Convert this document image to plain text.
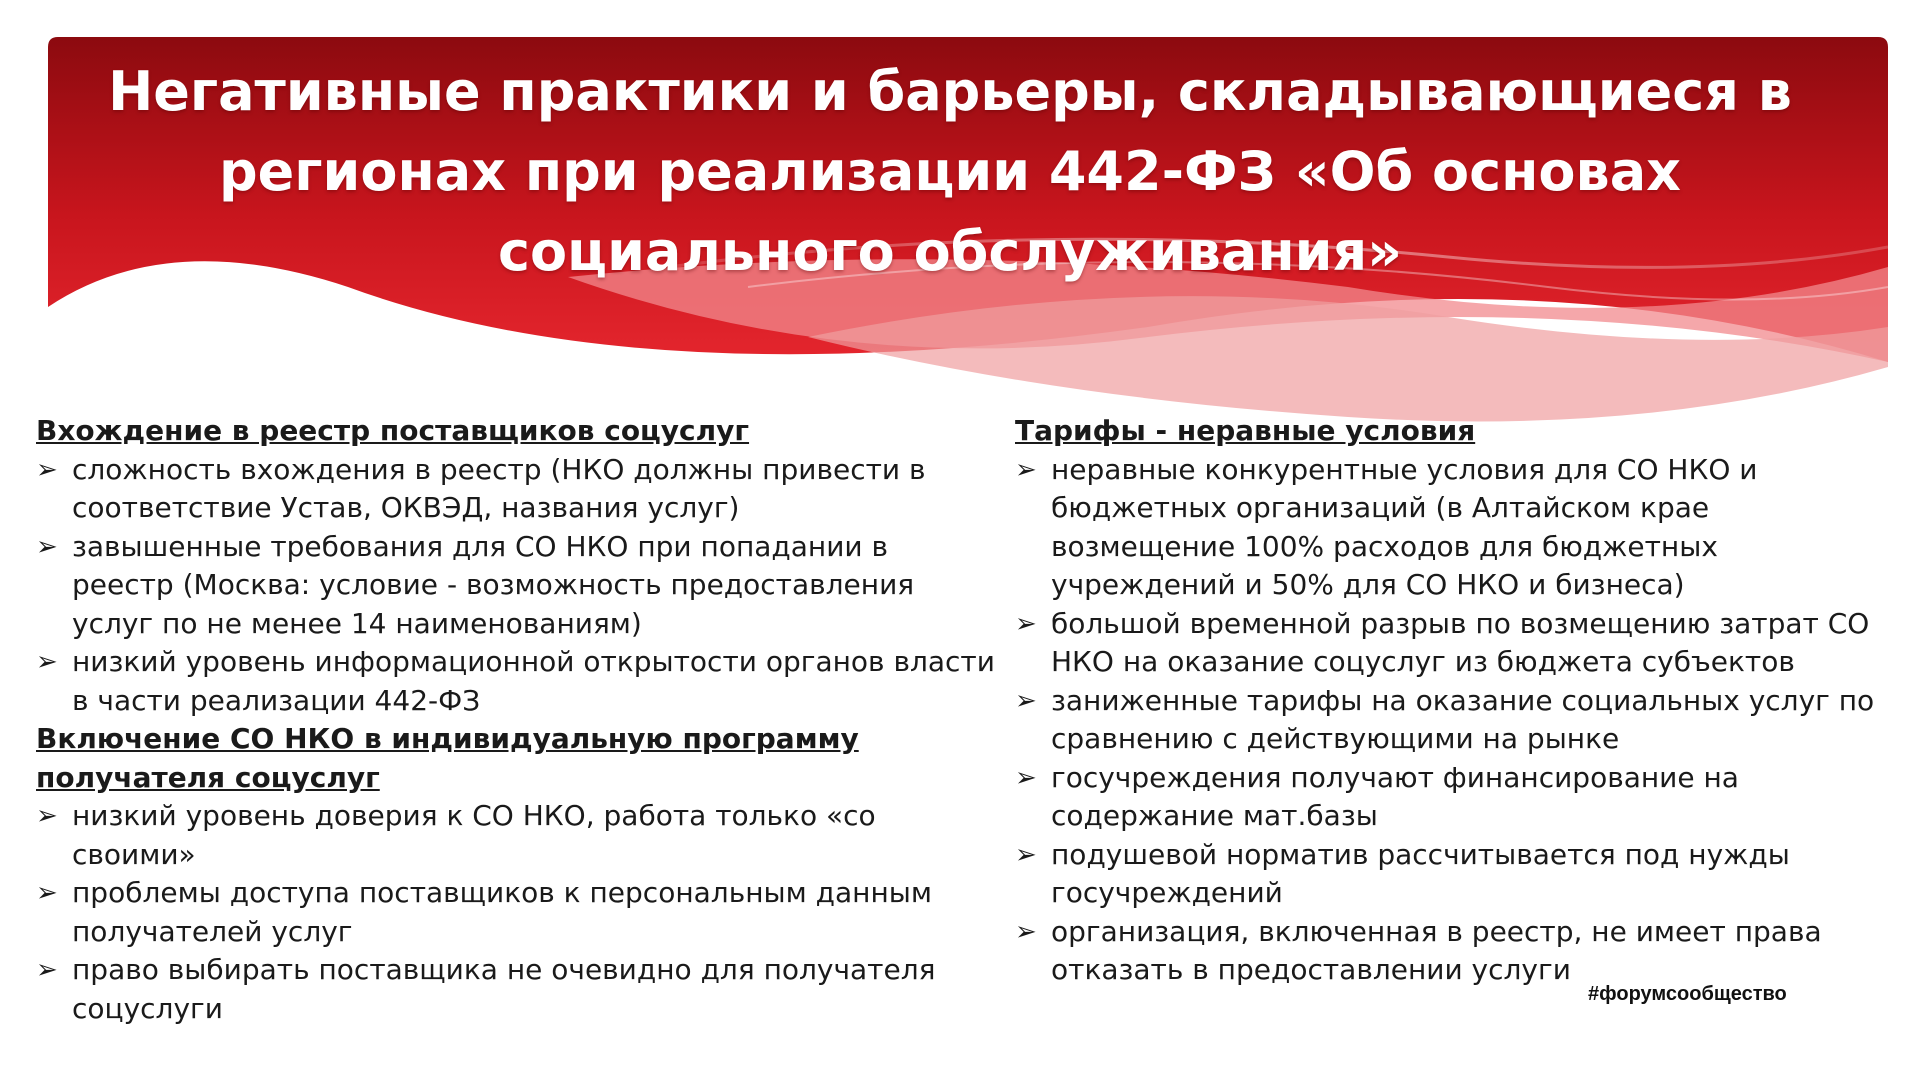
Негативные практики и барьеры, складывающиеся в регионах при реализации 442-ФЗ «Об основах социального обслуживания»

Вхождение в реестр поставщиков соцуслуг

➢ сложность вхождения в реестр (НКО должны привести в соответствие Устав, ОКВЭД, названия услуг)
➢ завышенные требования для СО НКО при попадании в реестр (Москва: условие - возможность предоставления услуг по не менее 14 наименованиям)
➢ низкий уровень информационной открытости органов власти в части реализации 442-ФЗ

Включение СО НКО в индивидуальную программу получателя соцуслуг

➢ низкий уровень доверия к СО НКО, работа только «со своими»
➢ проблемы доступа поставщиков к персональным данным получателей услуг
➢ право выбирать поставщика не очевидно для получателя соцуслуги

Тарифы - неравные условия

➢ неравные конкурентные условия для СО НКО и бюджетных организаций (в Алтайском крае возмещение 100% расходов для бюджетных учреждений и 50% для СО НКО и бизнеса)
➢ большой временной разрыв по возмещению затрат СО НКО на оказание соцуслуг из бюджета субъектов
➢ заниженные тарифы на оказание социальных услуг по сравнению с действующими на рынке
➢ госучреждения получают финансирование на содержание мат.базы
➢ подушевой норматив рассчитывается под нужды госучреждений
➢ организация, включенная в реестр, не имеет права отказать в предоставлении услуги
#форумсообщество
